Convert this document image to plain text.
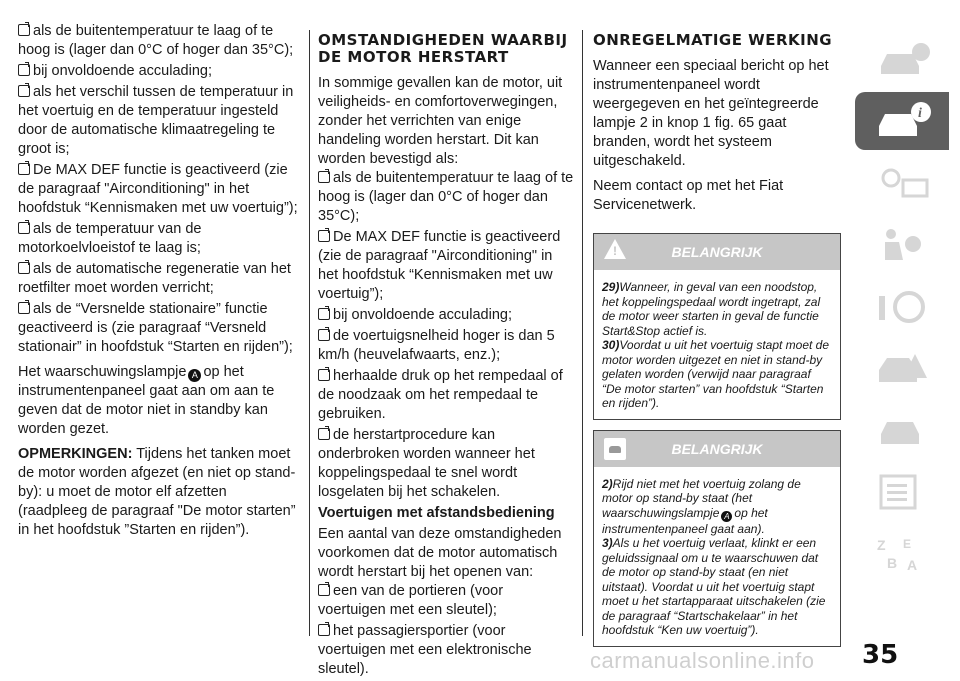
als de buitentemperatuur te laag of te hoog is (lager dan 0°C of hoger dan 35°C);
bij onvoldoende acculading;
als het verschil tussen de temperatuur in het voertuig en de temperatuur ingesteld door de automatische klimaatregeling te groot is;
De MAX DEF functie is geactiveerd (zie de paragraaf "Airconditioning" in het hoofdstuk “Kennismaken met uw voertuig”);
als de temperatuur van de motorkoelvloeistof te laag is;
als de automatische regeneratie van het roetfilter moet worden verricht;
als de “Versnelde stationaire” functie geactiveerd is (zie paragraaf “Versneld stationair” in hoofdstuk “Starten en rijden”);

Het waarschuwingslampje A op het instrumentenpaneel gaat aan om aan te geven dat de motor niet in standby kan worden gezet.

OPMERKINGEN: Tijdens het tanken moet de motor worden afgezet (en niet op stand-by): u moet de motor elf afzetten (raadpleeg de paragraaf "De motor starten” in het hoofdstuk ”Starten en rijden”).

OMSTANDIGHEDEN WAARBIJ DE MOTOR HERSTART

In sommige gevallen kan de motor, uit veiligheids- en comfortoverwegingen, zonder het verrichten van enige handeling worden herstart. Dit kan worden bevestigd als:

als de buitentemperatuur te laag of te hoog is (lager dan 0°C of hoger dan 35°C);
De MAX DEF functie is geactiveerd (zie de paragraaf "Airconditioning" in het hoofdstuk “Kennismaken met uw voertuig”);
bij onvoldoende acculading;
de voertuigsnelheid hoger is dan 5 km/h (heuvelafwaarts, enz.);
herhaalde druk op het rempedaal of de noodzaak om het rempedaal te gebruiken.
de herstartprocedure kan onderbroken worden wanneer het koppelingspedaal te snel wordt losgelaten bij het schakelen.
Voertuigen met afstandsbediening

Een aantal van deze omstandigheden voorkomen dat de motor automatisch wordt herstart bij het openen van:

een van de portieren (voor voertuigen met een sleutel);
het passagiersportier (voor voertuigen met een elektronische sleutel).
ONREGELMATIGE WERKING

Wanneer een speciaal bericht op het instrumentenpaneel wordt weergegeven en het geïntegreerde lampje 2 in knop 1 fig. 65 gaat branden, wordt het systeem uitgeschakeld.

Neem contact op met het Fiat Servicenetwerk.

!
BELANGRIJK

29)Wanneer, in geval van een noodstop, het koppelingspedaal wordt ingetrapt, zal de motor weer starten in geval de functie Start&Stop actief is.

30)Voordat u uit het voertuig stapt moet de motor worden uitgezet en niet in stand-by gelaten worden (verwijd naar paragraaf “De motor starten” van hoofdstuk “Starten en rijden”).

BELANGRIJK

2)Rijd niet met het voertuig zolang de motor op stand-by staat (het waarschuwingslampje A op het instrumentenpaneel gaat aan).

3)Als u het voertuig verlaat, klinkt er een geluidssignaal om u te waarschuwen dat de motor op stand-by staat (en niet uitstaat). Voordat u uit het voertuig stapt moet u het startapparaat uitschakelen (zie de paragraaf “Startschakelaar” in het hoofdstuk “Ken uw voertuig”).

i
Z E
B A
35
carmanualsonline.info
